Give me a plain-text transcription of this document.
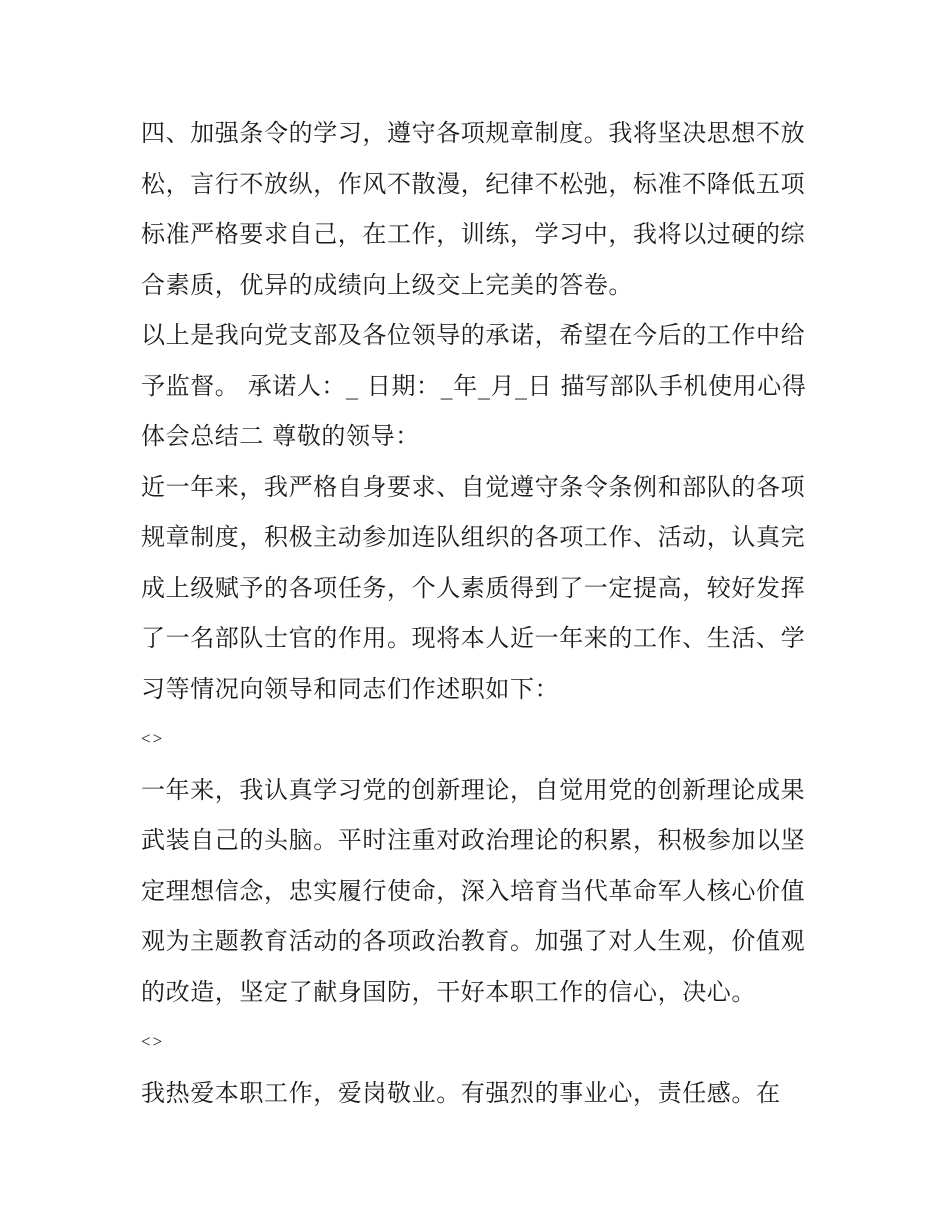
四、加强条令的学习，遵守各项规章制度。我将坚决思想不放
松，言行不放纵，作风不散漫，纪律不松弛，标准不降低五项
标准严格要求自己，在工作，训练，学习中，我将以过硬的综
合素质，优异的成绩向上级交上完美的答卷。
以上是我向党支部及各位领导的承诺，希望在今后的工作中给
予监督。 承诺人：_ 日期：_年_月_日 描写部队手机使用心得
体会总结二 尊敬的领导：
近一年来，我严格自身要求、自觉遵守条令条例和部队的各项
规章制度，积极主动参加连队组织的各项工作、活动，认真完
成上级赋予的各项任务，个人素质得到了一定提高，较好发挥
了一名部队士官的作用。现将本人近一年来的工作、生活、学
习等情况向领导和同志们作述职如下：
<>
一年来，我认真学习党的创新理论，自觉用党的创新理论成果
武装自己的头脑。平时注重对政治理论的积累，积极参加以坚
定理想信念，忠实履行使命，深入培育当代革命军人核心价值
观为主题教育活动的各项政治教育。加强了对人生观，价值观
的改造，坚定了献身国防，干好本职工作的信心，决心。
<>
我热爱本职工作，爱岗敬业。有强烈的事业心，责任感。在
